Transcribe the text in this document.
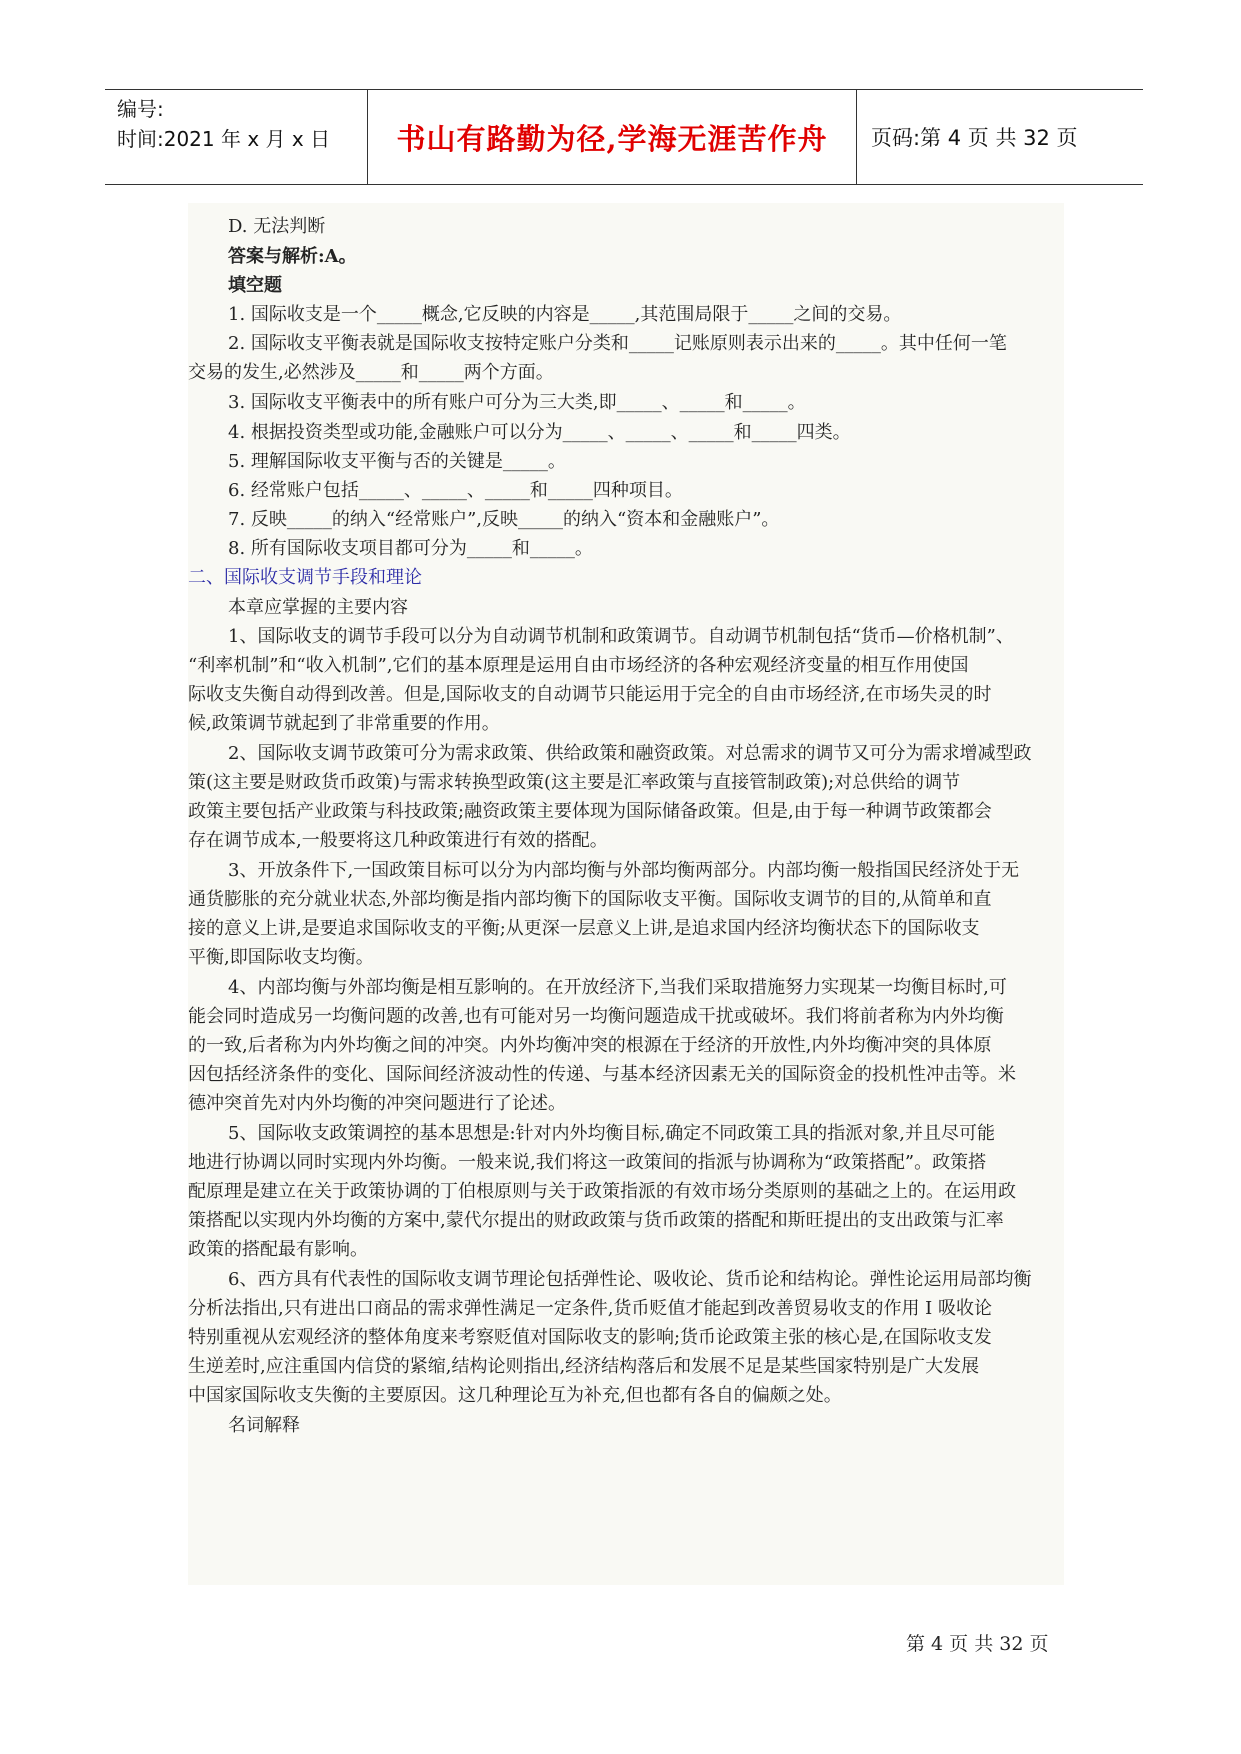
编号:
时间:2021 年 x 月 x 日	书山有路勤为径,学海无涯苦作舟 页码:第 4 页 共 32 页
D. 无法判断
答案与解析:A。
填空题
1. 国际收支是一个_____概念,它反映的内容是_____,其范围局限于_____之间的交易。
2. 国际收支平衡表就是国际收支按特定账户分类和_____记账原则表示出来的_____。其中任何一笔
交易的发生,必然涉及_____和_____两个方面。
3. 国际收支平衡表中的所有账户可分为三大类,即_____、_____和_____。
4. 根据投资类型或功能,金融账户可以分为_____、_____、_____和_____四类。
5. 理解国际收支平衡与否的关键是_____。
6. 经常账户包括_____、_____、_____和_____四种项目。
7. 反映_____的纳入“经常账户”,反映_____的纳入“资本和金融账户”。
8. 所有国际收支项目都可分为_____和_____。
二、国际收支调节手段和理论
本章应掌握的主要内容
1、国际收支的调节手段可以分为自动调节机制和政策调节。自动调节机制包括“货币—价格机制”、
“利率机制”和“收入机制”,它们的基本原理是运用自由市场经济的各种宏观经济变量的相互作用使国
际收支失衡自动得到改善。但是,国际收支的自动调节只能运用于完全的自由市场经济,在市场失灵的时
候,政策调节就起到了非常重要的作用。
2、国际收支调节政策可分为需求政策、供给政策和融资政策。对总需求的调节又可分为需求增减型政
策(这主要是财政货币政策)与需求转换型政策(这主要是汇率政策与直接管制政策);对总供给的调节
政策主要包括产业政策与科技政策;融资政策主要体现为国际储备政策。但是,由于每一种调节政策都会
存在调节成本,一般要将这几种政策进行有效的搭配。
3、开放条件下,一国政策目标可以分为内部均衡与外部均衡两部分。内部均衡一般指国民经济处于无
通货膨胀的充分就业状态,外部均衡是指内部均衡下的国际收支平衡。国际收支调节的目的,从简单和直
接的意义上讲,是要追求国际收支的平衡;从更深一层意义上讲,是追求国内经济均衡状态下的国际收支
平衡,即国际收支均衡。
4、内部均衡与外部均衡是相互影响的。在开放经济下,当我们采取措施努力实现某一均衡目标时,可
能会同时造成另一均衡问题的改善,也有可能对另一均衡问题造成干扰或破坏。我们将前者称为内外均衡
的一致,后者称为内外均衡之间的冲突。内外均衡冲突的根源在于经济的开放性,内外均衡冲突的具体原
因包括经济条件的变化、国际间经济波动性的传递、与基本经济因素无关的国际资金的投机性冲击等。米
德冲突首先对内外均衡的冲突问题进行了论述。
5、国际收支政策调控的基本思想是:针对内外均衡目标,确定不同政策工具的指派对象,并且尽可能
地进行协调以同时实现内外均衡。一般来说,我们将这一政策间的指派与协调称为“政策搭配”。政策搭
配原理是建立在关于政策协调的丁伯根原则与关于政策指派的有效市场分类原则的基础之上的。在运用政
策搭配以实现内外均衡的方案中,蒙代尔提出的财政政策与货币政策的搭配和斯旺提出的支出政策与汇率
政策的搭配最有影响。
6、西方具有代表性的国际收支调节理论包括弹性论、吸收论、货币论和结构论。弹性论运用局部均衡
分析法指出,只有进出口商品的需求弹性满足一定条件,货币贬值才能起到改善贸易收支的作用 I 吸收论
特别重视从宏观经济的整体角度来考察贬值对国际收支的影响;货币论政策主张的核心是,在国际收支发
生逆差时,应注重国内信贷的紧缩,结构论则指出,经济结构落后和发展不足是某些国家特别是广大发展
中国家国际收支失衡的主要原因。这几种理论互为补充,但也都有各自的偏颇之处。
名词解释
第 4 页 共 32 页
